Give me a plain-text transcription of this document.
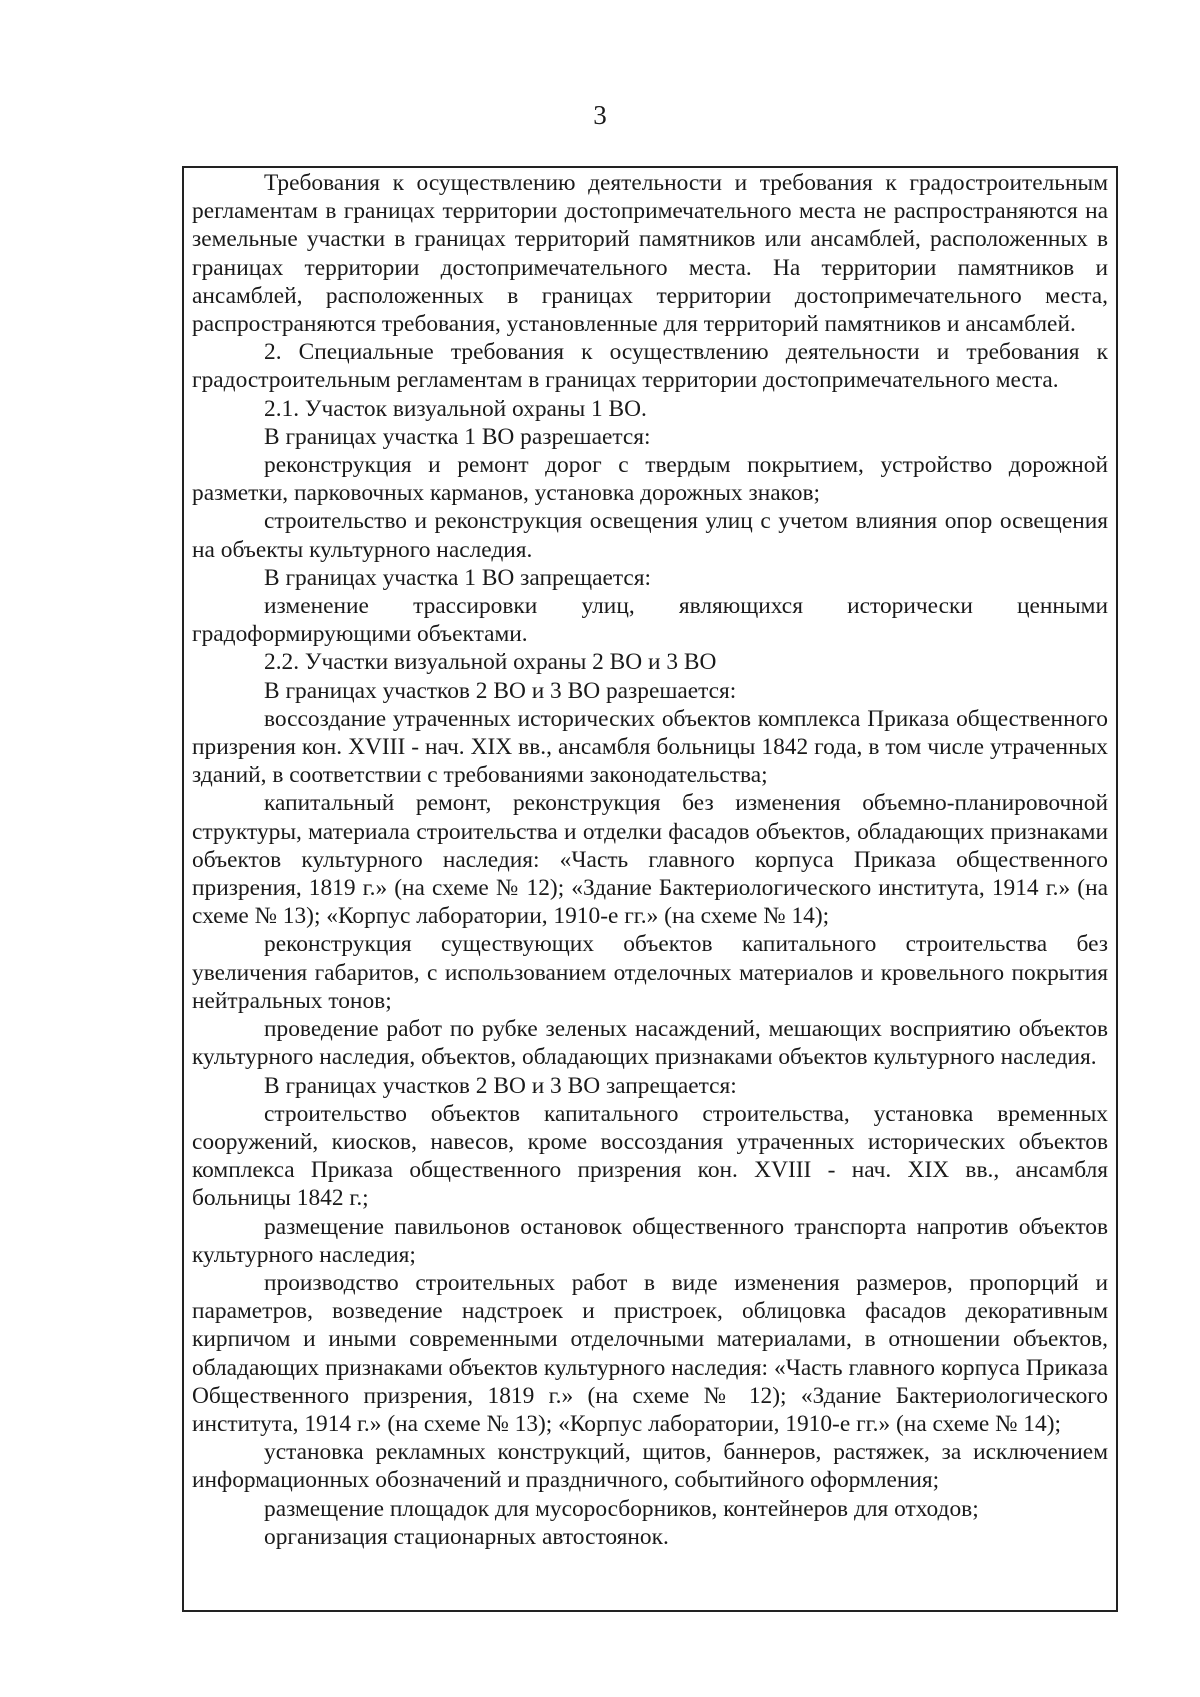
3

Требования к осуществлению деятельности и требования к градостроительным регламентам в границах территории достопримечательного места не распространяются на земельные участки в границах территорий памятников или ансамблей, расположенных в границах территории достопримечательного места. На территории памятников и ансамблей, расположенных в границах территории достопримечательного места, распространяются требования, установленные для территорий памятников и ансамблей.

2. Специальные требования к осуществлению деятельности и требования к градостроительным регламентам в границах территории достопримечательного места.

2.1. Участок визуальной охраны 1 ВО.

В границах участка 1 ВО разрешается:

реконструкция и ремонт дорог с твердым покрытием, устройство дорожной разметки, парковочных карманов, установка дорожных знаков;

строительство и реконструкция освещения улиц с учетом влияния опор освещения на объекты культурного наследия.

В границах участка 1 ВО запрещается:

изменение трассировки улиц, являющихся исторически ценными градоформирующими объектами.

2.2. Участки визуальной охраны 2 ВО и 3 ВО

В границах участков 2 ВО и 3 ВО разрешается:

воссоздание утраченных исторических объектов комплекса Приказа общественного призрения кон. XVIII - нач. XIX вв., ансамбля больницы 1842 года, в том числе утраченных зданий, в соответствии с требованиями законодательства;

капитальный ремонт, реконструкция без изменения объемно-планировочной структуры, материала строительства и отделки фасадов объектов, обладающих признаками объектов культурного наследия: «Часть главного корпуса Приказа общественного призрения, 1819 г.» (на схеме № 12); «Здание Бактериологического института, 1914 г.» (на схеме № 13); «Корпус лаборатории, 1910-е гг.» (на схеме № 14);

реконструкция существующих объектов капитального строительства без увеличения габаритов, с использованием отделочных материалов и кровельного покрытия нейтральных тонов;

проведение работ по рубке зеленых насаждений, мешающих восприятию объектов культурного наследия, объектов, обладающих признаками объектов культурного наследия.

В границах участков 2 ВО и 3 ВО запрещается:

строительство объектов капитального строительства, установка временных сооружений, киосков, навесов, кроме воссоздания утраченных исторических объектов комплекса Приказа общественного призрения кон. XVIII - нач. XIX вв., ансамбля больницы 1842 г.;

размещение павильонов остановок общественного транспорта напротив объектов культурного наследия;

производство строительных работ в виде изменения размеров, пропорций и параметров, возведение надстроек и пристроек, облицовка фасадов декоративным кирпичом и иными современными отделочными материалами, в отношении объектов, обладающих признаками объектов культурного наследия: «Часть главного корпуса Приказа Общественного призрения, 1819 г.» (на схеме № 12); «Здание Бактериологического института, 1914 г.» (на схеме № 13); «Корпус лаборатории, 1910-е гг.» (на схеме № 14);

установка рекламных конструкций, щитов, баннеров, растяжек, за исключением информационных обозначений и праздничного, событийного оформления;

размещение площадок для мусоросборников, контейнеров для отходов;

организация стационарных автостоянок.
